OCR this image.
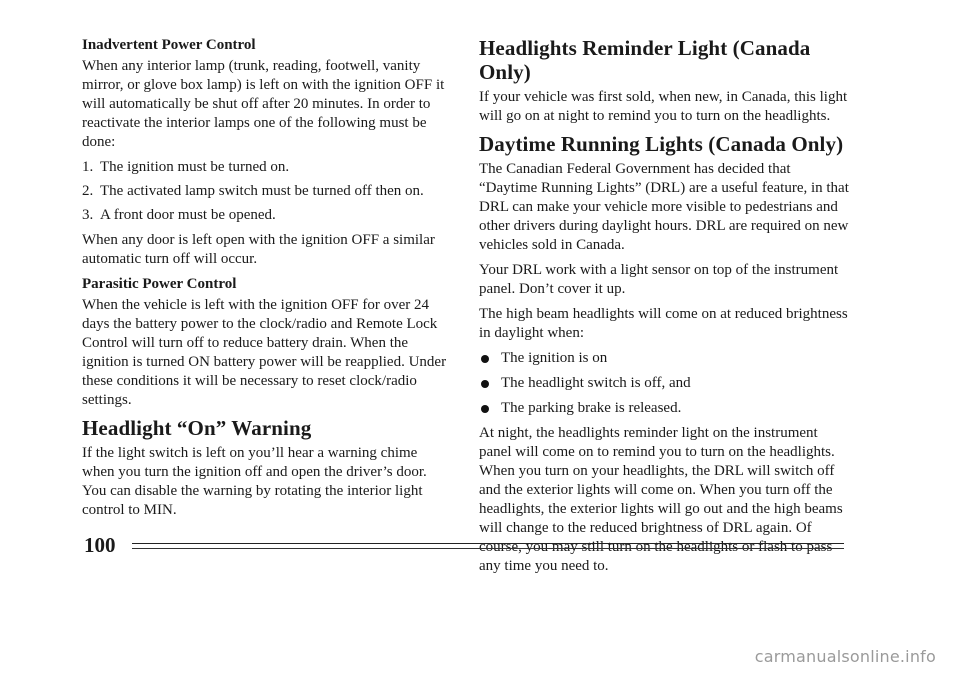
Inadvertent Power Control

When any interior lamp (trunk, reading, footwell, vanity mirror, or glove box lamp) is left on with the ignition OFF it will automatically be shut off after 20 minutes. In order to reactivate the interior lamps one of the following must be done:

1. The ignition must be turned on.
2. The activated lamp switch must be turned off then on.
3. A front door must be opened.

When any door is left open with the ignition OFF a similar automatic turn off will occur.

Parasitic Power Control

When the vehicle is left with the ignition OFF for over 24 days the battery power to the clock/radio and Remote Lock Control will turn off to reduce battery drain. When the ignition is turned ON battery power will be reapplied. Under these conditions it will be necessary to reset clock/radio settings.

Headlight “On” Warning

If the light switch is left on you’ll hear a warning chime when you turn the ignition off and open the driver’s door. You can disable the warning by rotating the interior light control to MIN.

Headlights Reminder Light (Canada Only)

If your vehicle was first sold, when new, in Canada, this light will go on at night to remind you to turn on the headlights.

Daytime Running Lights (Canada Only)

The Canadian Federal Government has decided that “Daytime Running Lights” (DRL) are a useful feature, in that DRL can make your vehicle more visible to pedestrians and other drivers during daylight hours. DRL are required on new vehicles sold in Canada.

Your DRL work with a light sensor on top of the instrument panel. Don’t cover it up.

The high beam headlights will come on at reduced brightness in daylight when:

The ignition is on
The headlight switch is off, and
The parking brake is released.

At night, the headlights reminder light on the instrument panel will come on to remind you to turn on the headlights. When you turn on your headlights, the DRL will switch off and the exterior lights will come on. When you turn off the headlights, the exterior lights will go out and the high beams will change to the reduced brightness of DRL again. Of course, you may still turn on the headlights or flash to pass any time you need to.

100
carmanualsonline.info
